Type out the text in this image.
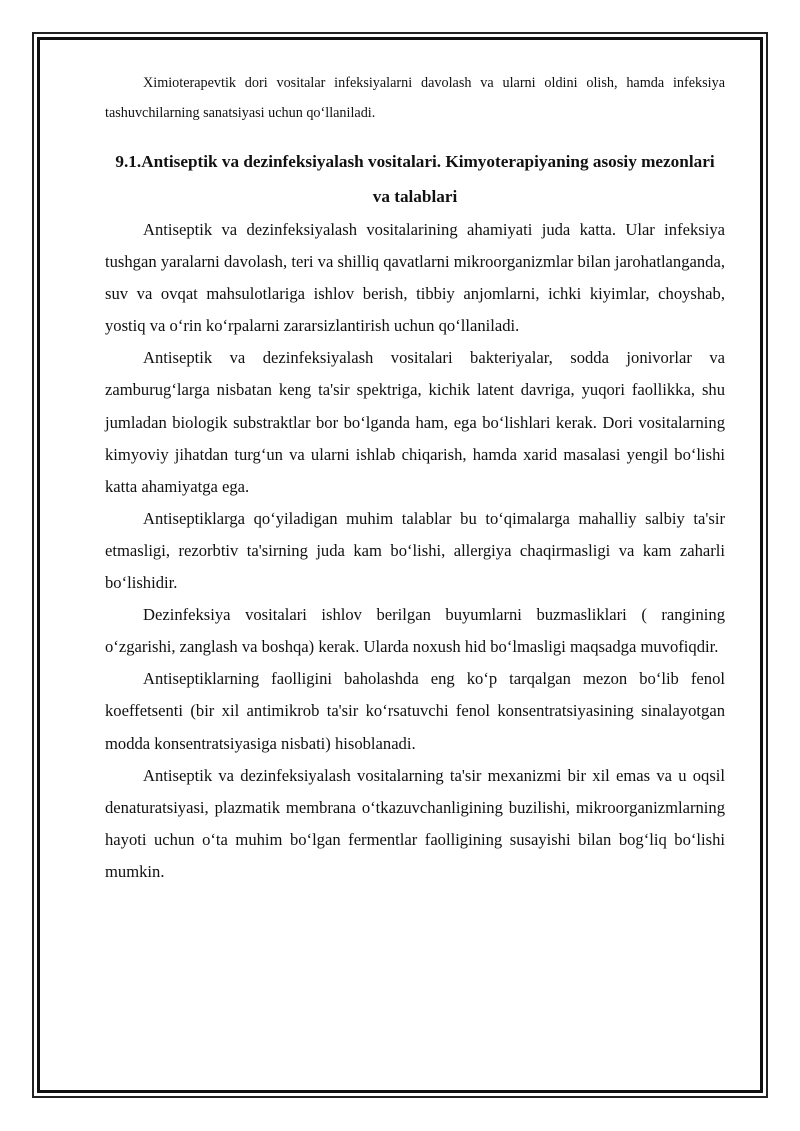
Ximioterapevtik dori vositalar infeksiyalarni davolash va ularni oldini olish, hamda infeksiya tashuvchilarning sanatsiyasi uchun qo‘llaniladi.

9.1.Antiseptik va dezinfeksiyalash vositalari. Kimyoterapiyaning asosiy mezonlari va talablari

Antiseptik va dezinfeksiyalash vositalarining ahamiyati juda katta. Ular infeksiya tushgan yaralarni davolash, teri va shilliq qavatlarni mikroorganizmlar bilan jarohatlanganda, suv va ovqat mahsulotlariga ishlov berish, tibbiy anjomlarni, ichki kiyimlar, choyshab, yostiq va o‘rin ko‘rpalarni zararsizlantirish uchun qo‘llaniladi.

Antiseptik va dezinfeksiyalash vositalari bakteriyalar, sodda jonivorlar va zamburug‘larga nisbatan keng ta'sir spektriga, kichik latent davriga, yuqori faollikka, shu jumladan biologik substraktlar bor bo‘lganda ham, ega bo‘lishlari kerak. Dori vositalarning kimyoviy jihatdan turg‘un va ularni ishlab chiqarish, hamda xarid masalasi yengil bo‘lishi katta ahamiyatga ega.

Antiseptiklarga qo‘yiladigan muhim talablar bu to‘qimalarga mahalliy salbiy ta'sir etmasligi, rezorbtiv ta'sirning juda kam bo‘lishi, allergiya chaqirmasligi va kam zaharli bo‘lishidir.

Dezinfeksiya vositalari ishlov berilgan buyumlarni buzmasliklari ( rangining o‘zgarishi, zanglash va boshqa) kerak. Ularda noxush hid bo‘lmasligi maqsadga muvofiqdir.

Antiseptiklarning faolligini baholashda eng ko‘p tarqalgan mezon bo‘lib fenol koeffetsenti (bir xil antimikrob ta'sir ko‘rsatuvchi fenol konsentratsiyasining sinalayotgan modda konsentratsiyasiga nisbati) hisoblanadi.

Antiseptik va dezinfeksiyalash vositalarning ta'sir mexanizmi bir xil emas va u oqsil denaturatsiyasi, plazmatik membrana o‘tkazuvchanligining buzilishi, mikroorganizmlarning hayoti uchun o‘ta muhim bo‘lgan fermentlar faolligining susayishi bilan bog‘liq bo‘lishi mumkin.
